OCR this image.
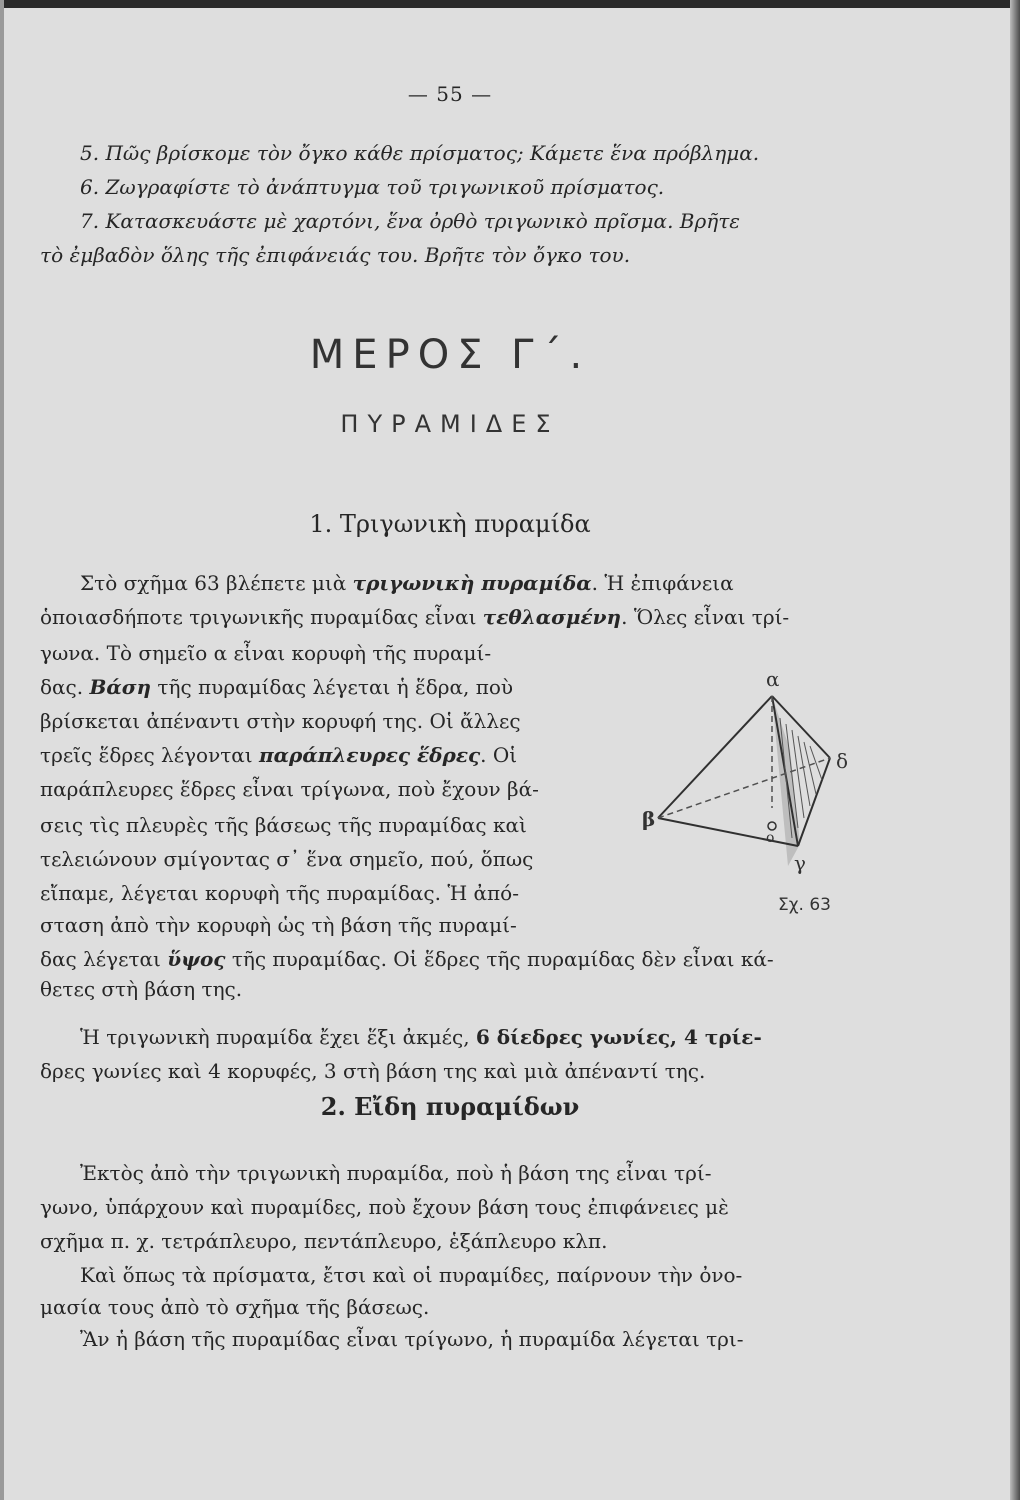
— 55 —
5. Πῶς βρίσκομε τὸν ὄγκο κάθε πρίσματος; Κάμετε ἕνα πρόβλημα.
6. Ζωγραφίστε τὸ ἀνάπτυγμα τοῦ τριγωνικοῦ πρίσματος.
7. Κατασκευάστε μὲ χαρτόνι, ἕνα ὀρθὸ τριγωνικὸ πρῖσμα. Βρῆτε
τὸ ἐμβαδὸν ὅλης τῆς ἐπιφάνειάς του. Βρῆτε τὸν ὄγκο του.
ΜΕΡΟΣ Γ΄.
ΠΥΡΑΜΙΔΕΣ
1. Τριγωνικὴ πυραμίδα
Στὸ σχῆμα 63 βλέπετε μιὰ τριγωνικὴ πυραμίδα. Ἡ ἐπιφάνεια
ὁποιασδήποτε τριγωνικῆς πυραμίδας εἶναι τεθλασμένη. Ὅλες εἶναι τρί-
γωνα. Τὸ σημεῖο α εἶναι κορυφὴ τῆς πυραμί-
δας. Βάση τῆς πυραμίδας λέγεται ἡ ἕδρα, ποὺ
βρίσκεται ἀπέναντι στὴν κορυφή της. Οἱ ἄλλες
τρεῖς ἕδρες λέγονται παράπλευρες ἕδρες. Οἱ
παράπλευρες ἕδρες εἶναι τρίγωνα, ποὺ ἔχουν βά-
σεις τὶς πλευρὲς τῆς βάσεως τῆς πυραμίδας καὶ
τελειώνουν σμίγοντας σ᾽ ἕνα σημεῖο, πού, ὅπως
εἴπαμε, λέγεται κορυφὴ τῆς πυραμίδας. Ἡ ἀπό-
σταση ἀπὸ τὴν κορυφὴ ὡς τὴ βάση τῆς πυραμί-
δας λέγεται ὕψος τῆς πυραμίδας. Οἱ ἕδρες τῆς πυραμίδας δὲν εἶναι κά-
θετες στὴ βάση της.
Ἡ τριγωνικὴ πυραμίδα ἔχει ἕξι ἀκμές, 6 δίεδρες γωνίες, 4 τρίε-
δρες γωνίες καὶ 4 κορυφές, 3 στὴ βάση της καὶ μιὰ ἀπέναντί της.
α
β
δ
γ
ο
Σχ. 63
2. Εἴδη πυραμίδων
Ἐκτὸς ἀπὸ τὴν τριγωνικὴ πυραμίδα, ποὺ ἡ βάση της εἶναι τρί-
γωνο, ὑπάρχουν καὶ πυραμίδες, ποὺ ἔχουν βάση τους ἐπιφάνειες μὲ
σχῆμα π. χ. τετράπλευρο, πεντάπλευρο, ἑξάπλευρο κλπ.
Καὶ ὅπως τὰ πρίσματα, ἔτσι καὶ οἱ πυραμίδες, παίρνουν τὴν ὀνο-
μασία τους ἀπὸ τὸ σχῆμα τῆς βάσεως.
Ἂν ἡ βάση τῆς πυραμίδας εἶναι τρίγωνο, ἡ πυραμίδα λέγεται τρι-
